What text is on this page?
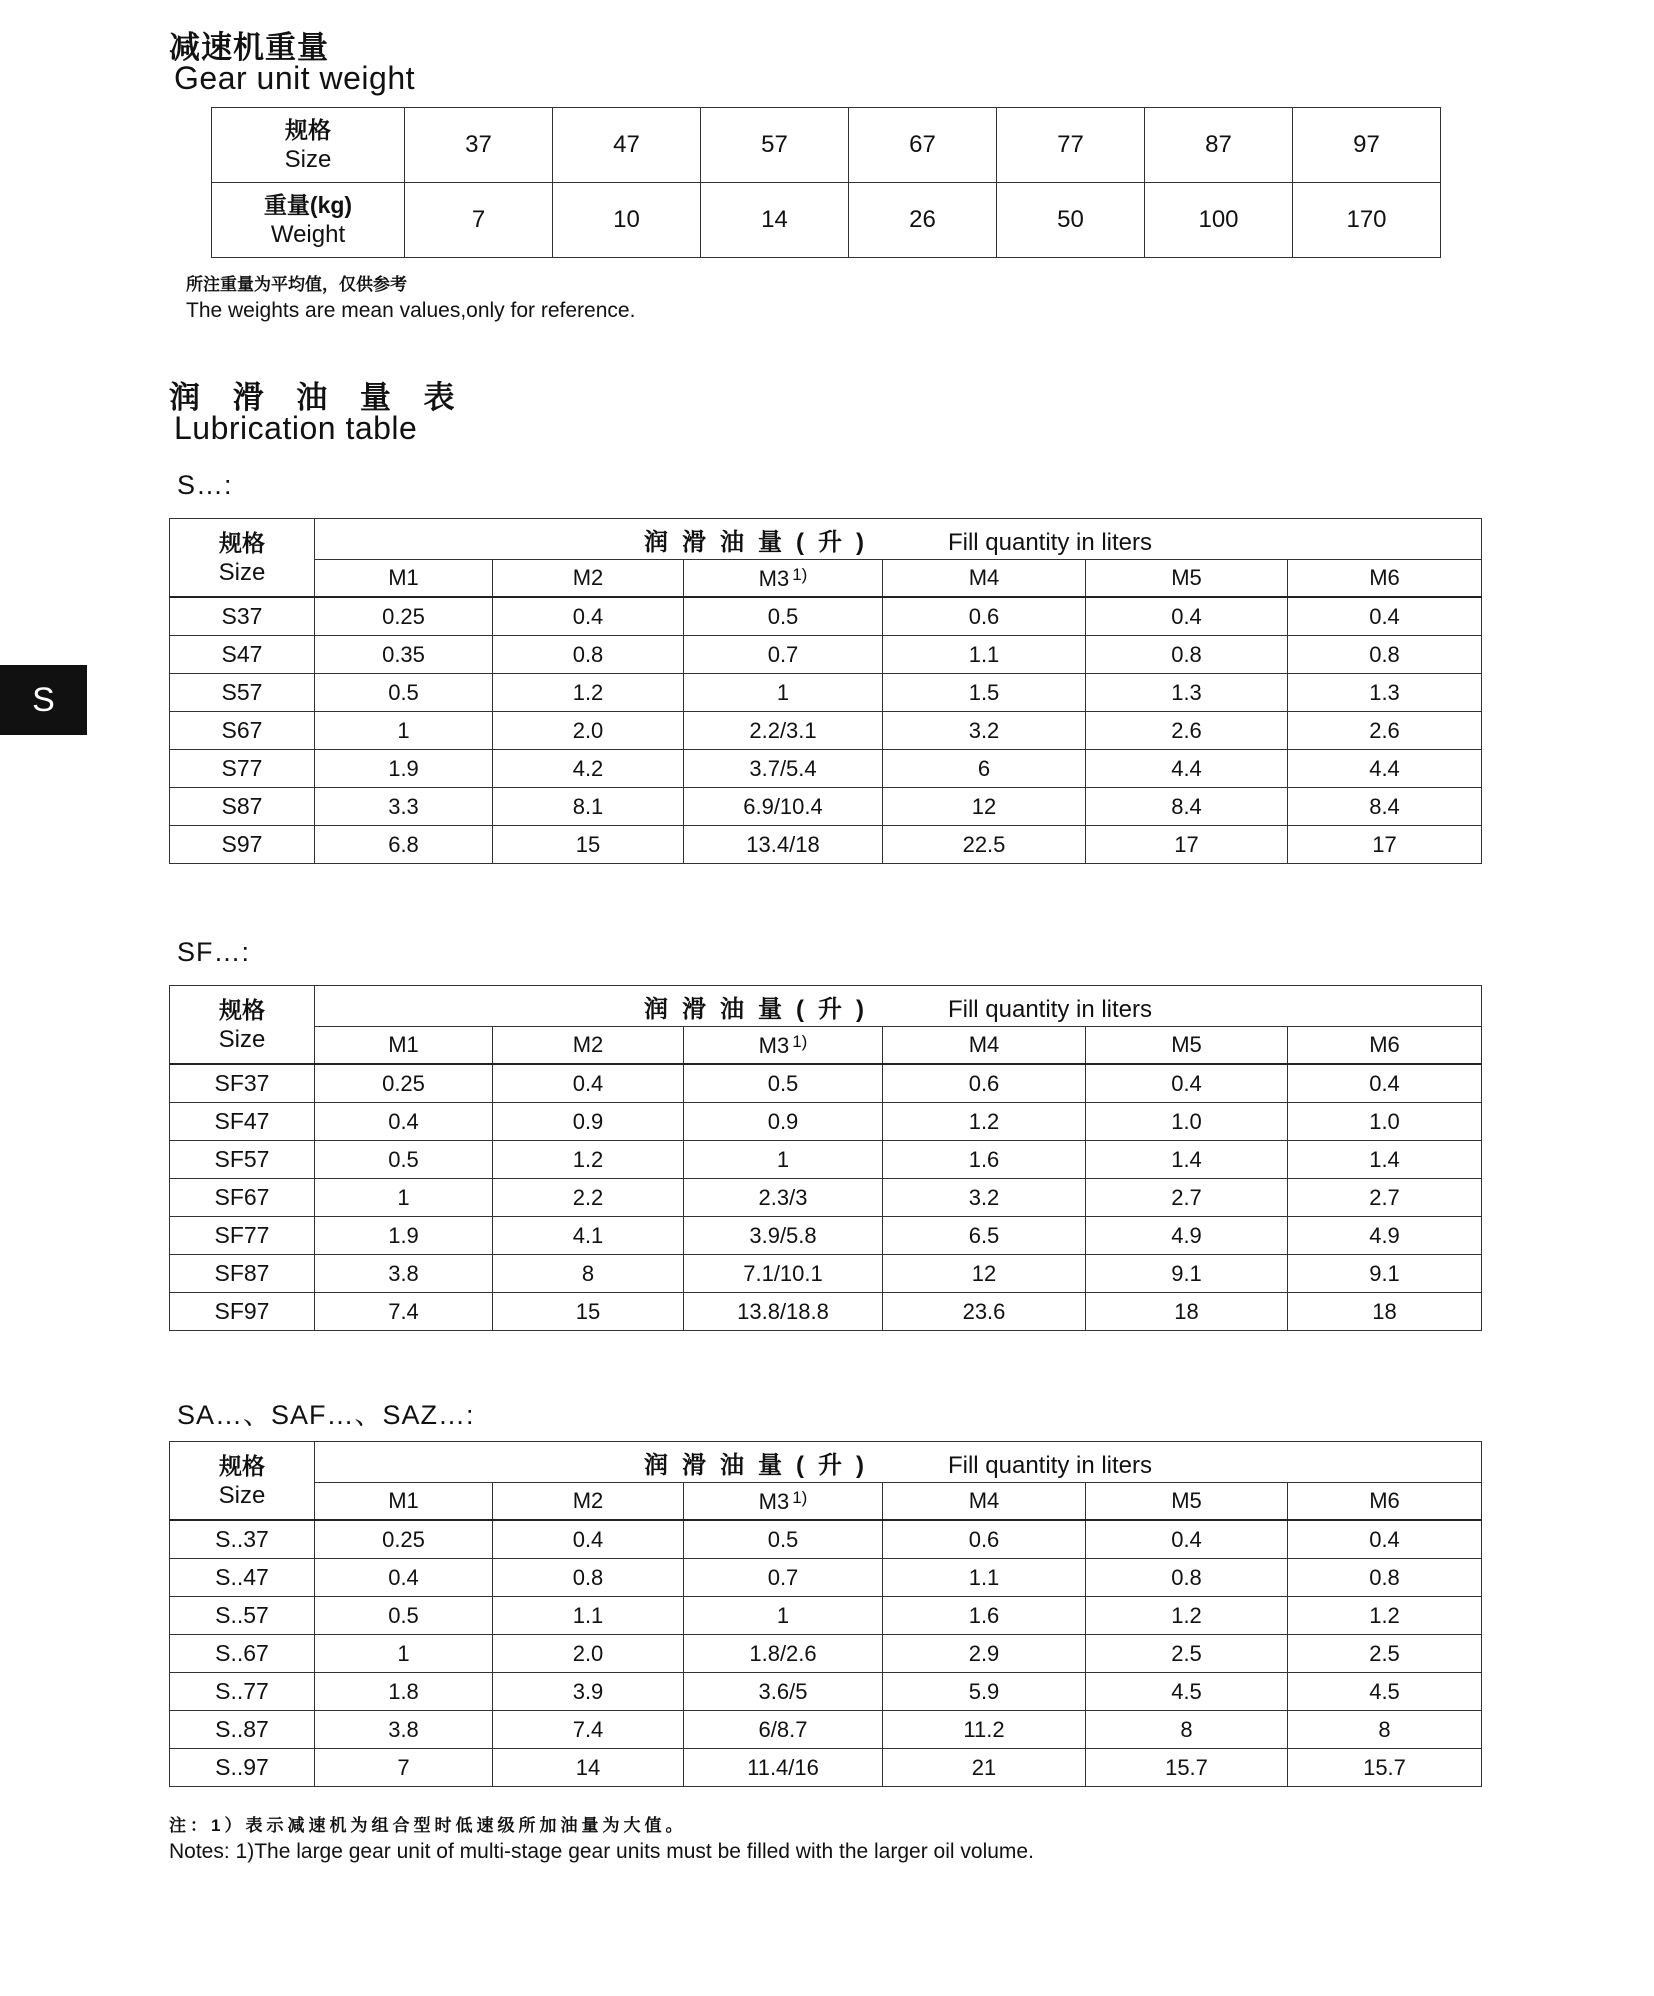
减速机重量
Gear unit weight
规格
Size	37	47	57	67	77	87	97

重量(kg)
Weight	7	10	14	26	50	100	170
所注重量为平均值，仅供参考
The weights are mean values,only for reference.
润 滑 油 量 表
Lubrication table
S
S…:
SF…:
SA…、SAF…、SAZ…:
规格
Size	润滑油量(升) Fill quantity in liters					
	M1	M2	M3 $^{1)}$	M4	M5	M6
S37	0.25	0.4	0.5	0.6	0.4	0.4
S47	0.35	0.8	0.7	1.1	0.8	0.8
S57	0.5	1.2	1	1.5	1.3	1.3
S67	1	2.0	2.2/3.1	3.2	2.6	2.6
S77	1.9	4.2	3.7/5.4	6	4.4	4.4
S87	3.3	8.1	6.9/10.4	12	8.4	8.4
S97	6.8	15	13.4/18	22.5	17	17
规格
Size	润滑油量(升) Fill quantity in liters					
	M1	M2	M3 $^{1)}$	M4	M5	M6
SF37	0.25	0.4	0.5	0.6	0.4	0.4
SF47	0.4	0.9	0.9	1.2	1.0	1.0
SF57	0.5	1.2	1	1.6	1.4	1.4
SF67	1	2.2	2.3/3	3.2	2.7	2.7
SF77	1.9	4.1	3.9/5.8	6.5	4.9	4.9
SF87	3.8	8	7.1/10.1	12	9.1	9.1
SF97	7.4	15	13.8/18.8	23.6	18	18
规格
Size	润滑油量(升) Fill quantity in liters					
	M1	M2	M3 $^{1)}$	M4	M5	M6
S..37	0.25	0.4	0.5	0.6	0.4	0.4
S..47	0.4	0.8	0.7	1.1	0.8	0.8
S..57	0.5	1.1	1	1.6	1.2	1.2
S..67	1	2.0	1.8/2.6	2.9	2.5	2.5
S..77	1.8	3.9	3.6/5	5.9	4.5	4.5
S..87	3.8	7.4	6/8.7	11.2	8	8
S..97	7	14	11.4/16	21	15.7	15.7
注：1）表示减速机为组合型时低速级所加油量为大值。
Notes: 1)The large gear unit of multi-stage gear units must be filled with the larger oil volume.
